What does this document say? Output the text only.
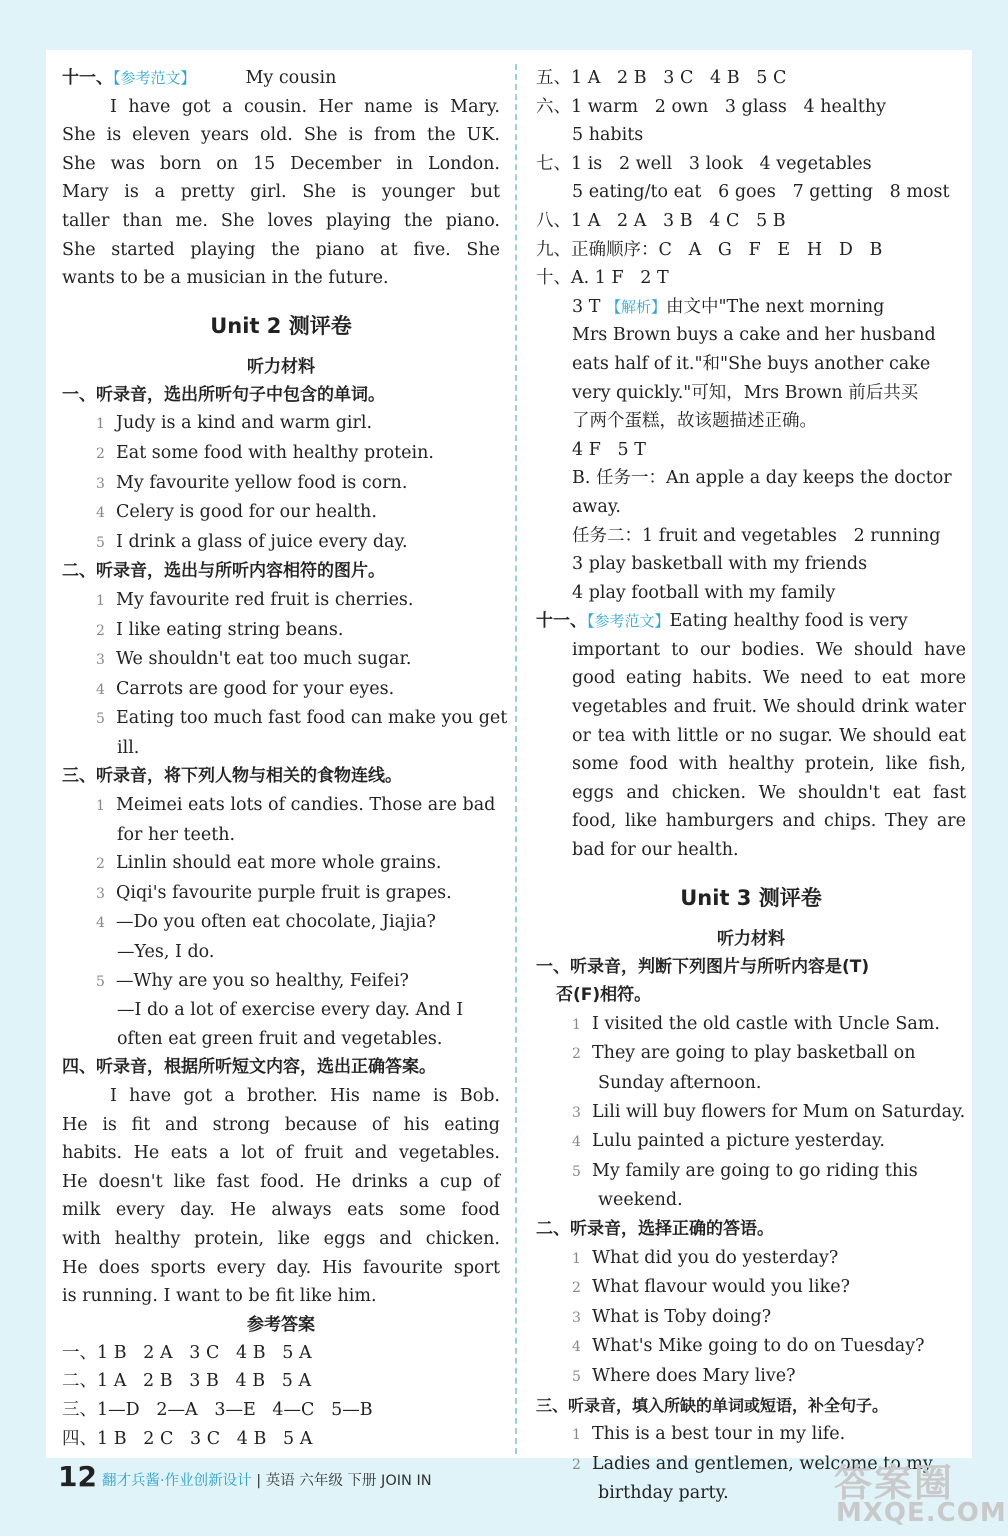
十一、【参考范文】	My cousin

I have got a cousin. Her name is Mary.

She is eleven years old. She is from the UK.

She was born on 15 December in London.

Mary is a pretty girl. She is younger but

taller than me. She loves playing the piano.

She started playing the piano at five. She

wants to be a musician in the future.

Unit 2 测评卷
听力材料

一、听录音，选出所听句子中包含的单词。

1 Judy is a kind and warm girl.

2 Eat some food with healthy protein.

3 My favourite yellow food is corn.

4 Celery is good for our health.

5 I drink a glass of juice every day.

二、听录音，选出与所听内容相符的图片。

1 My favourite red fruit is cherries.

2 I like eating string beans.

3 We shouldn't eat too much sugar.

4 Carrots are good for your eyes.

5 Eating too much fast food can make you get

ill.

三、听录音，将下列人物与相关的食物连线。

1 Meimei eats lots of candies. Those are bad

for her teeth.

2 Linlin should eat more whole grains.

3 Qiqi's favourite purple fruit is grapes.

4 —Do you often eat chocolate, Jiajia?

—Yes, I do.

5 —Why are you so healthy, Feifei?

—I do a lot of exercise every day. And I

often eat green fruit and vegetables.

四、听录音，根据所听短文内容，选出正确答案。

I have got a brother. His name is Bob.

He is fit and strong because of his eating

habits. He eats a lot of fruit and vegetables.

He doesn't like fast food. He drinks a cup of

milk every day. He always eats some food

with healthy protein, like eggs and chicken.

He does sports every day. His favourite sport

is running. I want to be fit like him.

参考答案

一、1 B   2 A   3 C   4 B   5 A

二、1 A   2 B   3 B   4 B   5 A

三、1—D   2—A   3—E   4—C   5—B

四、1 B   2 C   3 C   4 B   5 A

五、1 A   2 B   3 C   4 B   5 C

六、1 warm   2 own   3 glass   4 healthy

5 habits

七、1 is   2 well   3 look   4 vegetables

5 eating/to eat   6 goes   7 getting   8 most

八、1 A   2 A   3 B   4 C   5 B

九、正确顺序：C   A   G   F   E   H   D   B

十、A. 1 F   2 T

3 T 【解析】由文中"The next morning

Mrs Brown buys a cake and her husband

eats half of it."和"She buys another cake

very quickly."可知，Mrs Brown 前后共买

了两个蛋糕，故该题描述正确。

4 F   5 T

B. 任务一：An apple a day keeps the doctor

away.

任务二：1 fruit and vegetables   2 running

3 play basketball with my friends

4 play football with my family

十一、【参考范文】Eating healthy food is very

important to our bodies. We should have

good eating habits. We need to eat more

vegetables and fruit. We should drink water

or tea with little or no sugar. We should eat

some food with healthy protein, like fish,

eggs and chicken. We shouldn't eat fast

food, like hamburgers and chips. They are

bad for our health.

Unit 3 测评卷
听力材料

一、听录音，判断下列图片与所听内容是(T)

否(F)相符。

1 I visited the old castle with Uncle Sam.

2 They are going to play basketball on

Sunday afternoon.

3 Lili will buy flowers for Mum on Saturday.

4 Lulu painted a picture yesterday.

5 My family are going to go riding this

weekend.

二、听录音，选择正确的答语。

1 What did you do yesterday?

2 What flavour would you like?

3 What is Toby doing?

4 What's Mike going to do on Tuesday?

5 Where does Mary live?

三、听录音，填入所缺的单词或短语，补全句子。

1 This is a best tour in my life.

2 Ladies and gentlemen, welcome to my

birthday party.

12 翻才兵酱·作业创新设计 | 英语 六年级 下册 JOIN IN	答案圈
MXQE.COM
